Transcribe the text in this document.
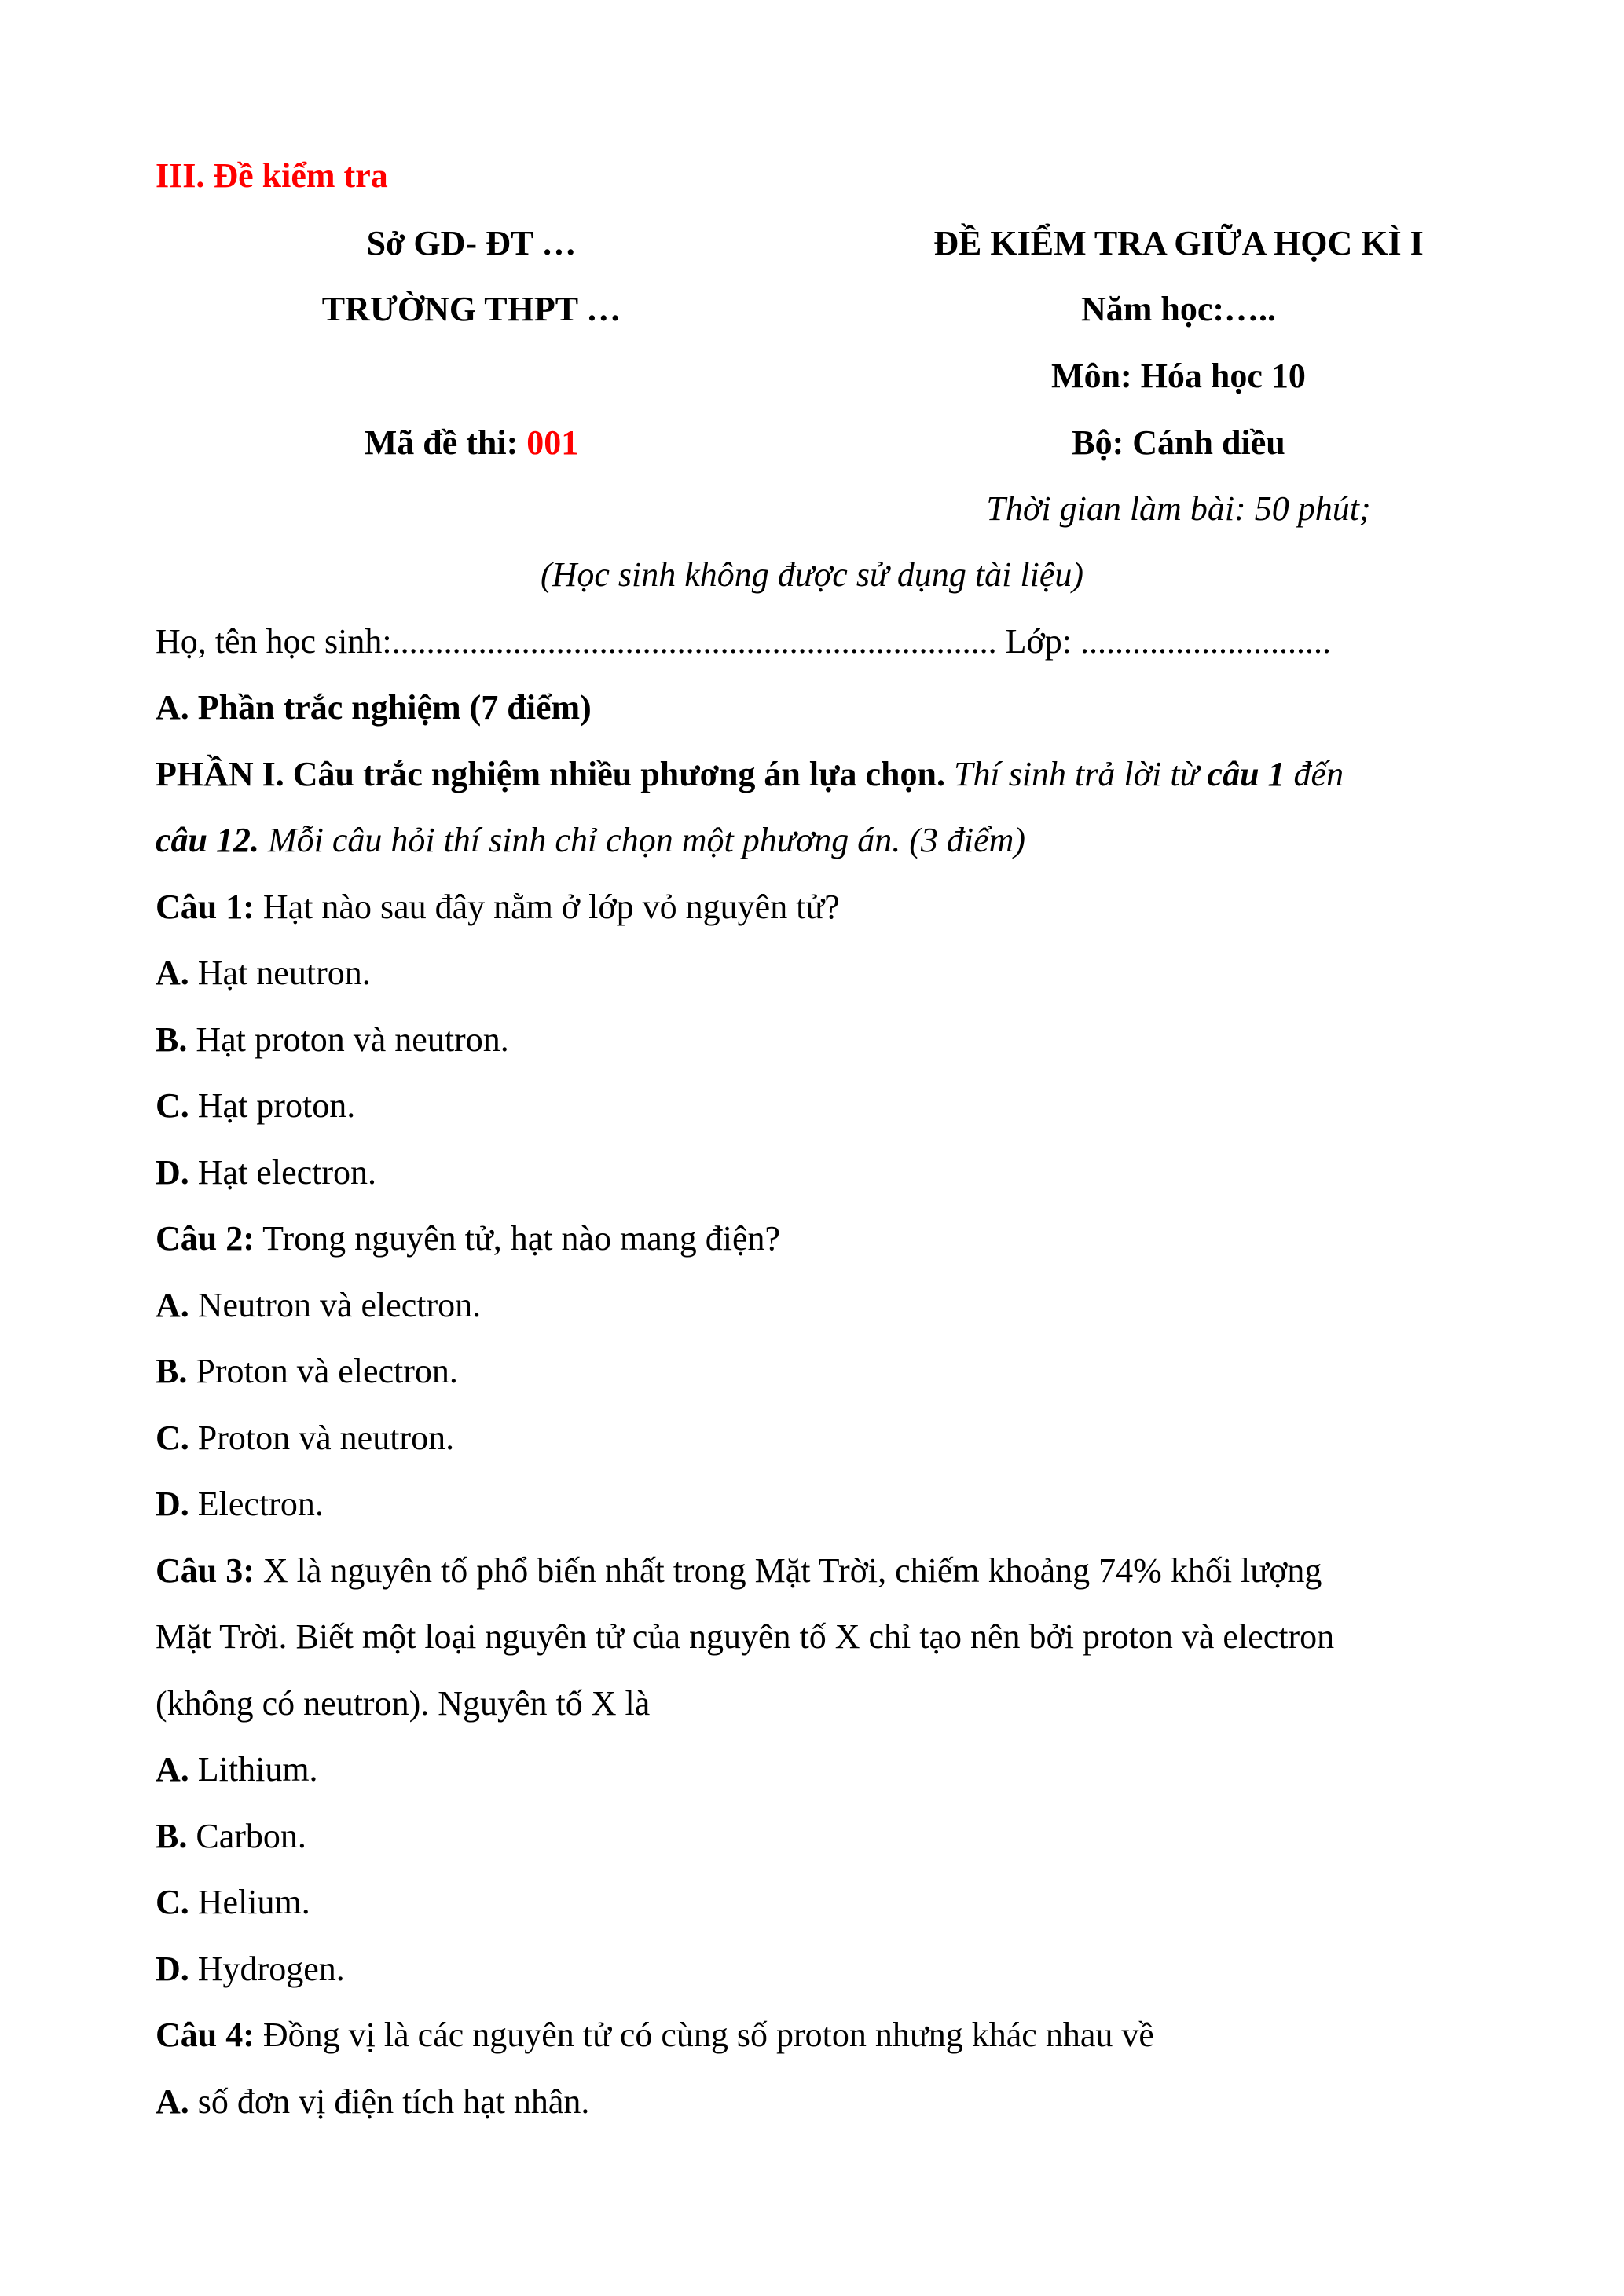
III. Đề kiểm tra
Sở GD- ĐT …
TRƯỜNG THPT …
Mã đề thi: 001
ĐỀ KIỂM TRA GIỮA HỌC KÌ I
Năm học:…..
Môn: Hóa học 10
Bộ: Cánh diều
Thời gian làm bài: 50 phút;
(Học sinh không được sử dụng tài liệu)
Họ, tên học sinh:...................................................................... Lớp: .............................
A. Phần trắc nghiệm (7 điểm)
PHẦN I. Câu trắc nghiệm nhiều phương án lựa chọn. Thí sinh trả lời từ câu 1 đến
câu 12. Mỗi câu hỏi thí sinh chỉ chọn một phương án. (3 điểm)
Câu 1: Hạt nào sau đây nằm ở lớp vỏ nguyên tử?
A. Hạt neutron.
B. Hạt proton và neutron.
C. Hạt proton.
D. Hạt electron.
Câu 2: Trong nguyên tử, hạt nào mang điện?
A. Neutron và electron.
B. Proton và electron.
C. Proton và neutron.
D. Electron.
Câu 3: X là nguyên tố phổ biến nhất trong Mặt Trời, chiếm khoảng 74% khối lượng
Mặt Trời. Biết một loại nguyên tử của nguyên tố X chỉ tạo nên bởi proton và electron
(không có neutron). Nguyên tố X là
A. Lithium.
B. Carbon.
C. Helium.
D. Hydrogen.
Câu 4: Đồng vị là các nguyên tử có cùng số proton nhưng khác nhau về
A. số đơn vị điện tích hạt nhân.
